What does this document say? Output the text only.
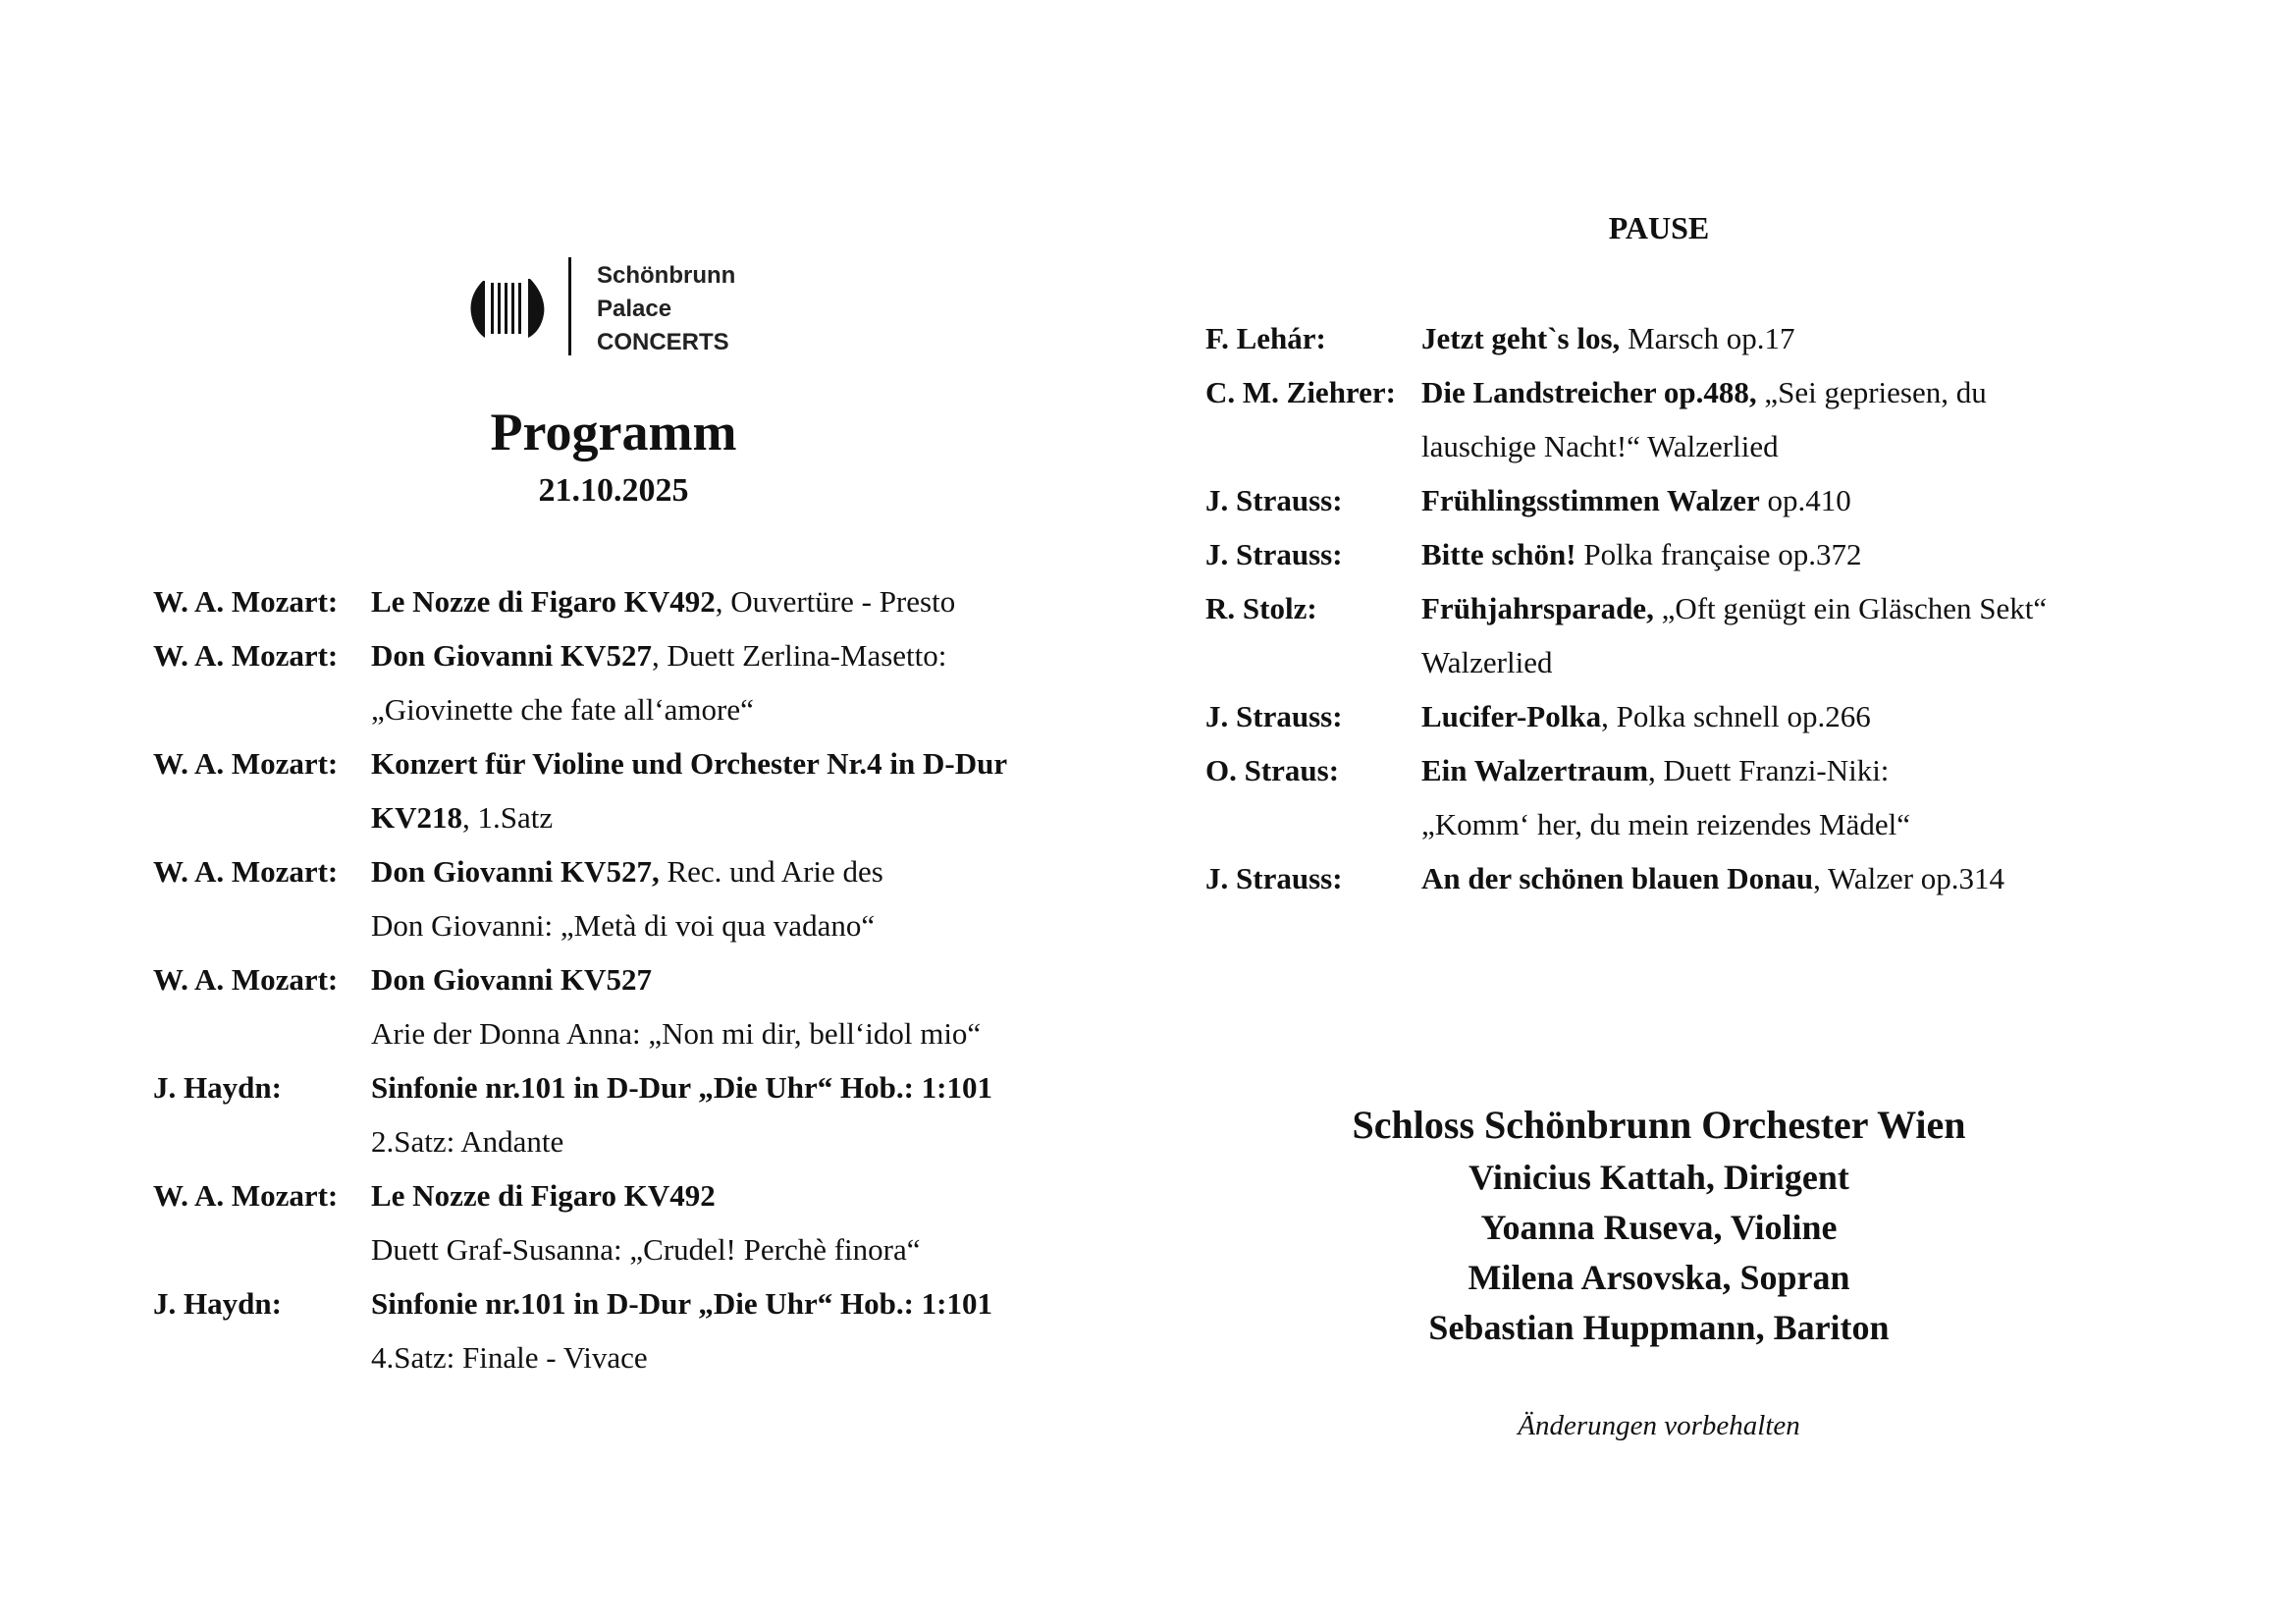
Schönbrunn
Palace
CONCERTS
Programm
21.10.2025
W. A. Mozart:	Le Nozze di Figaro KV492, Ouvertüre - Presto
W. A. Mozart:	Don Giovanni KV527, Duett Zerlina-Masetto:
„Giovinette che fate all‘amore“
W. A. Mozart:	Konzert für Violine und Orchester Nr.4 in D-Dur
KV218, 1.Satz
W. A. Mozart:	Don Giovanni KV527, Rec. und Arie des
Don Giovanni: „Metà di voi qua vadano“
W. A. Mozart:	Don Giovanni KV527
Arie der Donna Anna: „Non mi dir, bell‘idol mio“
J. Haydn:	Sinfonie nr.101 in D-Dur „Die Uhr“ Hob.: 1:101
2.Satz: Andante
W. A. Mozart:	Le Nozze di Figaro KV492
Duett Graf-Susanna: „Crudel! Perchè finora“
J. Haydn:	Sinfonie nr.101 in D-Dur „Die Uhr“ Hob.: 1:101
4.Satz: Finale - Vivace
PAUSE
F. Lehár:	Jetzt geht`s los, Marsch op.17
C. M. Ziehrer: Die Landstreicher op.488, „Sei gepriesen, du
lauschige Nacht!“ Walzerlied
J. Strauss:	Frühlingsstimmen Walzer op.410
J. Strauss:	Bitte schön! Polka française op.372
R. Stolz:	Frühjahrsparade, „Oft genügt ein Gläschen Sekt“
Walzerlied
J. Strauss:	Lucifer-Polka, Polka schnell op.266
O. Straus:	Ein Walzertraum, Duett Franzi-Niki:
„Komm‘ her, du mein reizendes Mädel“
J. Strauss:	An der schönen blauen Donau, Walzer op.314
Schloss Schönbrunn Orchester Wien
Vinicius Kattah, Dirigent
Yoanna Ruseva, Violine
Milena Arsovska, Sopran
Sebastian Huppmann, Bariton
Änderungen vorbehalten
